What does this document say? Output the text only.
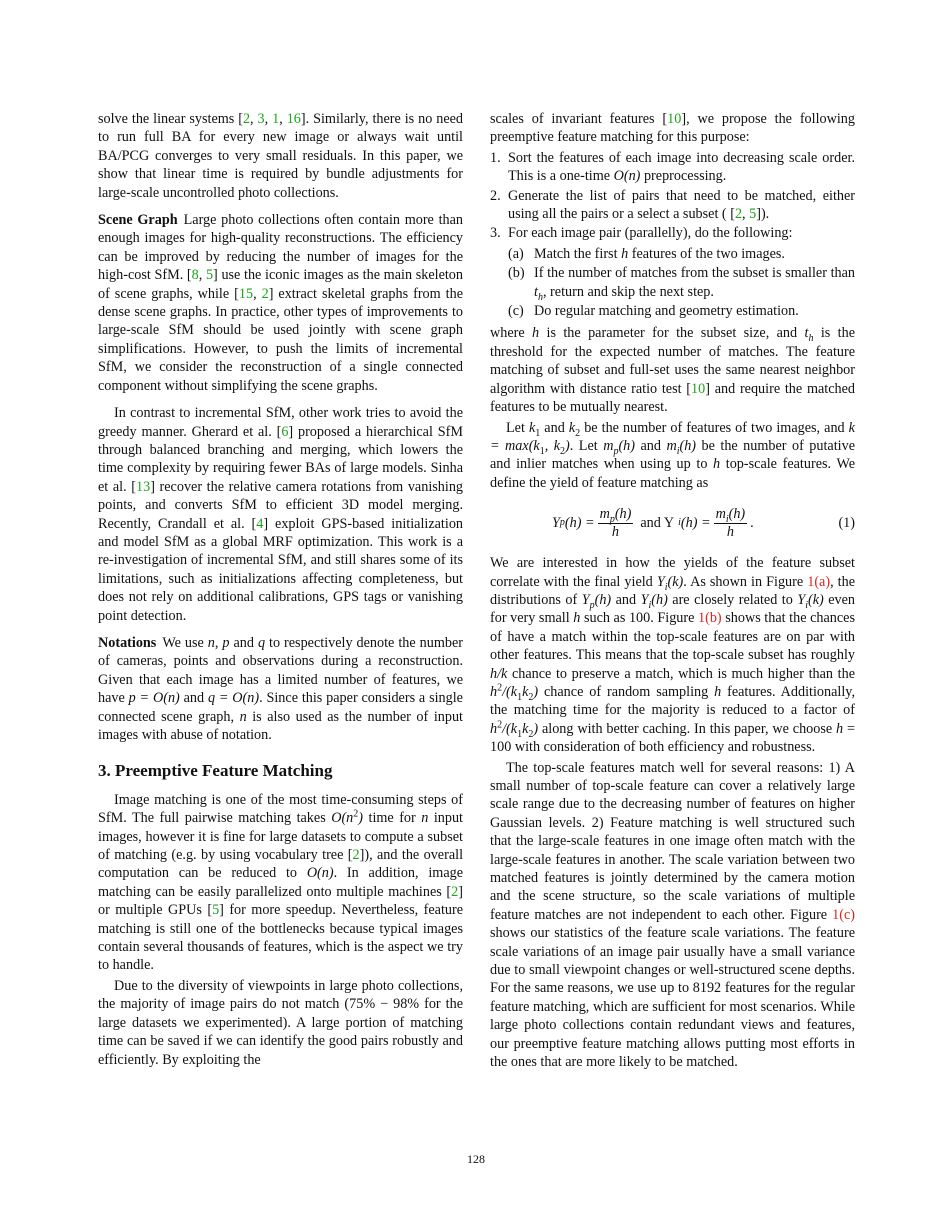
solve the linear systems [2, 3, 1, 16]. Similarly, there is no need to run full BA for every new image or always wait until BA/PCG converges to very small residuals. In this paper, we show that linear time is required by bundle adjustments for large-scale uncontrolled photo collections.

Scene Graph Large photo collections often contain more than enough images for high-quality reconstructions. The efficiency can be improved by reducing the number of images for the high-cost SfM. [8, 5] use the iconic images as the main skeleton of scene graphs, while [15, 2] extract skeletal graphs from the dense scene graphs. In practice, other types of improvements to large-scale SfM should be used jointly with scene graph simplifications. However, to push the limits of incremental SfM, we consider the reconstruction of a single connected component without simplifying the scene graphs.

In contrast to incremental SfM, other work tries to avoid the greedy manner. Gherard et al. [6] proposed a hierarchical SfM through balanced branching and merging, which lowers the time complexity by requiring fewer BAs of large models. Sinha et al. [13] recover the relative camera rotations from vanishing points, and converts SfM to efficient 3D model merging. Recently, Crandall et al. [4] exploit GPS-based initialization and model SfM as a global MRF optimization. This work is a re-investigation of incremental SfM, and still shares some of its limitations, such as initializations affecting completeness, but does not rely on additional calibrations, GPS tags or vanishing point detection.

Notations We use n, p and q to respectively denote the number of cameras, points and observations during a reconstruction. Given that each image has a limited number of features, we have p = O(n) and q = O(n). Since this paper considers a single connected scene graph, n is also used as the number of input images with abuse of notation.

3. Preemptive Feature Matching

Image matching is one of the most time-consuming steps of SfM. The full pairwise matching takes $O(n^2)$ time for n input images, however it is fine for large datasets to compute a subset of matching (e.g. by using vocabulary tree [2]), and the overall computation can be reduced to O(n). In addition, image matching can be easily parallelized onto multiple machines [2] or multiple GPUs [5] for more speedup. Nevertheless, feature matching is still one of the bottlenecks because typical images contain several thousands of features, which is the aspect we try to handle.

Due to the diversity of viewpoints in large photo collections, the majority of image pairs do not match (75% − 98% for the large datasets we experimented). A large portion of matching time can be saved if we can identify the good pairs robustly and efficiently. By exploiting the

scales of invariant features [10], we propose the following preemptive feature matching for this purpose:

1. Sort the features of each image into decreasing scale order. This is a one-time O(n) preprocessing.
2. Generate the list of pairs that need to be matched, either using all the pairs or a select a subset ( [2, 5]).
3. For each image pair (parallelly), do the following:
(a) Match the first h features of the two images.
(b) If the number of matches from the subset is smaller than $t_h$, return and skip the next step.
(c) Do regular matching and geometry estimation.

where h is the parameter for the subset size, and $t_h$ is the threshold for the expected number of matches. The feature matching of subset and full-set uses the same nearest neighbor algorithm with distance ratio test [10] and require the matched features to be mutually nearest.

Let $k_1$ and $k_2$ be the number of features of two images, and $k = \max(k_1$, $k_2$). Let $m_p(h)$ and $m_i(h)$ be the number of putative and inlier matches when using up to h top-scale features. We define the yield of feature matching as

Y p $(h) = \frac{m_p(h)}{h}$ and Y i $(h) = \frac{m_i(h)}{h}$ .	(1)

We are interested in how the yields of the feature subset correlate with the final yield $Y_i(k)$. As shown in Figure 1(a), the distributions of $Y_p(h)$ and $Y_i(h)$ are closely related to $Y_i(k)$ even for very small h such as 100. Figure 1(b) shows that the chances of have a match within the top-scale features are on par with other features. This means that the top-scale subset has roughly h/k chance to preserve a match, which is much higher than the $h^2/(k_1k_2)$ chance of random sampling h features. Additionally, the matching time for the majority is reduced to a factor of $h^2/(k_1k_2)$ along with better caching. In this paper, we choose h = 100 with consideration of both efficiency and robustness.

The top-scale features match well for several reasons: 1) A small number of top-scale feature can cover a relatively large scale range due to the decreasing number of features on higher Gaussian levels. 2) Feature matching is well structured such that the large-scale features in one image often match with the large-scale features in another. The scale variation between two matched features is jointly determined by the camera motion and the scene structure, so the scale variations of multiple feature matches are not independent to each other. Figure 1(c) shows our statistics of the feature scale variations. The feature scale variations of an image pair usually have a small variance due to small viewpoint changes or well-structured scene depths. For the same reasons, we use up to 8192 features for the regular feature matching, which are sufficient for most scenarios. While large photo collections contain redundant views and features, our preemptive feature matching allows putting most efforts in the ones that are more likely to be matched.

128
